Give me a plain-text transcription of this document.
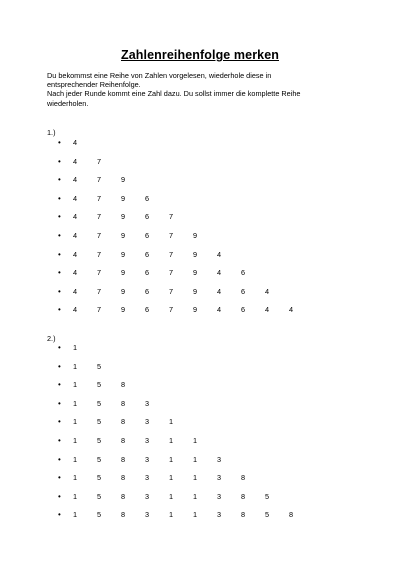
Zahlenreihenfolge merken

Du bekommst eine Reihe von Zahlen vorgelesen, wiederhole diese in

entsprechender Reihenfolge.

Nach jeder Runde kommt eine Zahl dazu. Du sollst immer die komplette Reihe

wiederholen.

1.)
• 4
• 4	7
• 4	7	9
• 4	7	9	6
• 4	7	9	6	7
• 4	7	9	6	7	9
• 4	7	9	6	7	9	4
• 4	7	9	6	7	9	4	6
• 4	7	9	6	7	9	4	6	4
• 4	7	9	6	7	9	4	6	4	4
2.)
• 1
• 1	5
• 1	5	8
• 1	5	8	3
• 1	5	8	3	1
• 1	5	8	3	1	1
• 1	5	8	3	1	1	3
• 1	5	8	3	1	1	3	8
• 1	5	8	3	1	1	3	8	5
• 1	5	8	3	1	1	3	8	5	8
